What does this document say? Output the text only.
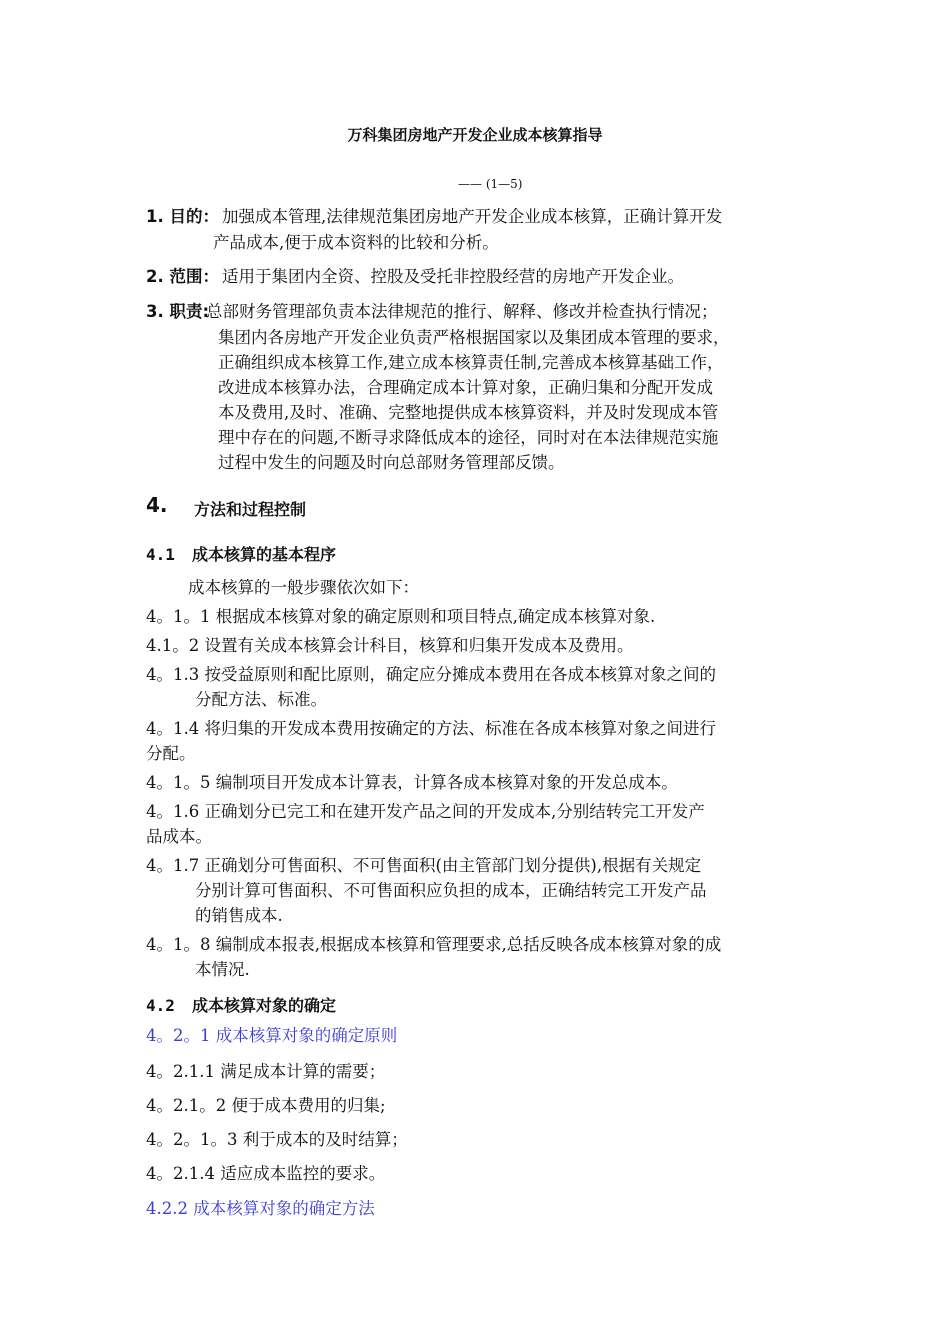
万科集团房地产开发企业成本核算指导
—— (1—5)
1. 目的： 加强成本管理,法律规范集团房地产开发企业成本核算，正确计算开发
产品成本,便于成本资料的比较和分析。
2. 范围： 适用于集团内全资、控股及受托非控股经营的房地产开发企业。
3. 职责:
总部财务管理部负责本法律规范的推行、解释、修改并检查执行情况；
集团内各房地产开发企业负责严格根据国家以及集团成本管理的要求，
正确组织成本核算工作,建立成本核算责任制,完善成本核算基础工作，
改进成本核算办法，合理确定成本计算对象，正确归集和分配开发成
本及费用,及时、准确、完整地提供成本核算资料，并及时发现成本管
理中存在的问题,不断寻求降低成本的途径，同时对在本法律规范实施
过程中发生的问题及时向总部财务管理部反馈。
4. 方法和过程控制
4.1 成本核算的基本程序
成本核算的一般步骤依次如下：
4。1。1 根据成本核算对象的确定原则和项目特点,确定成本核算对象.
4.1。2 设置有关成本核算会计科目，核算和归集开发成本及费用。
4。1.3 按受益原则和配比原则，确定应分摊成本费用在各成本核算对象之间的
分配方法、标准。
4。1.4 将归集的开发成本费用按确定的方法、标准在各成本核算对象之间进行
分配。
4。1。5 编制项目开发成本计算表，计算各成本核算对象的开发总成本。
4。1.6 正确划分已完工和在建开发产品之间的开发成本,分别结转完工开发产
品成本。
4。1.7 正确划分可售面积、不可售面积(由主管部门划分提供),根据有关规定
分别计算可售面积、不可售面积应负担的成本，正确结转完工开发产品
的销售成本.
4。1。8 编制成本报表,根据成本核算和管理要求,总括反映各成本核算对象的成
本情况.
4.2 成本核算对象的确定
4。2。1 成本核算对象的确定原则
4。2.1.1 满足成本计算的需要；
4。2.1。2 便于成本费用的归集;
4。2。1。3 利于成本的及时结算；
4。2.1.4 适应成本监控的要求。
4.2.2 成本核算对象的确定方法
